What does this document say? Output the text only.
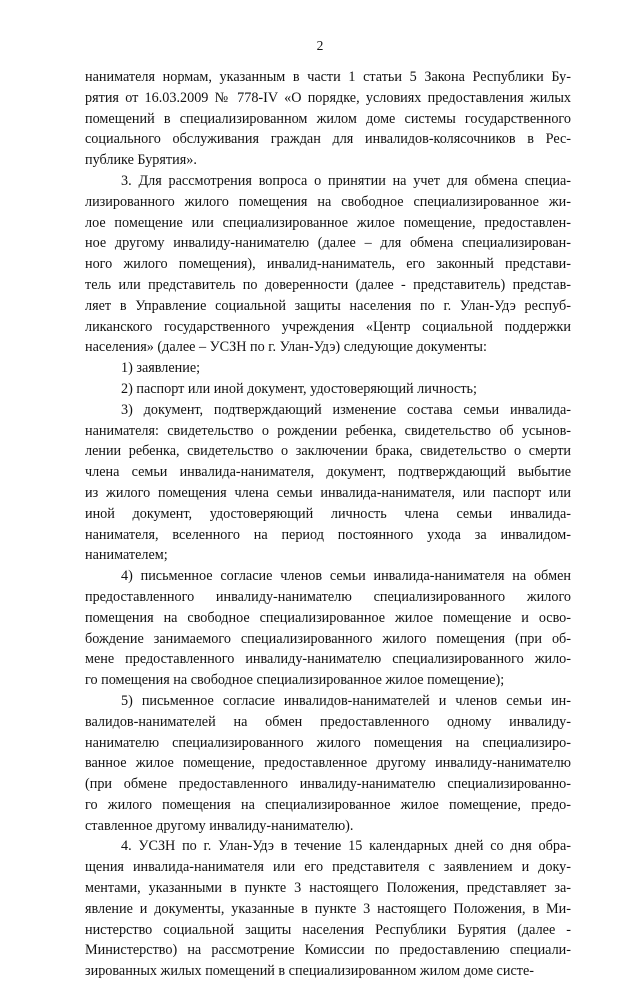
2
нанимателя нормам, указанным в части 1 статьи 5 Закона Республики Бу-
рятия от 16.03.2009 № 778-IV «О порядке, условиях предоставления жилых
помещений в специализированном жилом доме системы государственного
социального обслуживания граждан для инвалидов-колясочников в Рес-
публике Бурятия».
3. Для рассмотрения вопроса о принятии на учет для обмена специа-
лизированного жилого помещения на свободное специализированное жи-
лое помещение или специализированное жилое помещение, предоставлен-
ное другому инвалиду-нанимателю (далее – для обмена специализирован-
ного жилого помещения), инвалид-наниматель, его законный представи-
тель или представитель по доверенности (далее - представитель) представ-
ляет в Управление социальной защиты населения по г. Улан-Удэ респуб-
ликанского государственного учреждения «Центр социальной поддержки
населения» (далее – УСЗН по г. Улан-Удэ) следующие документы:
1) заявление;
2) паспорт или иной документ, удостоверяющий личность;
3) документ, подтверждающий изменение состава семьи инвалида-
нанимателя: свидетельство о рождении ребенка, свидетельство об усынов-
лении ребенка, свидетельство о заключении брака, свидетельство о смерти
члена семьи инвалида-нанимателя, документ, подтверждающий выбытие
из жилого помещения члена семьи инвалида-нанимателя, или паспорт или
иной документ, удостоверяющий личность члена семьи инвалида-
нанимателя, вселенного на период постоянного ухода за инвалидом-
нанимателем;
4) письменное согласие членов семьи инвалида-нанимателя на обмен
предоставленного инвалиду-нанимателю специализированного жилого
помещения на свободное специализированное жилое помещение и осво-
бождение занимаемого специализированного жилого помещения (при об-
мене предоставленного инвалиду-нанимателю специализированного жило-
го помещения на свободное специализированное жилое помещение);
5) письменное согласие инвалидов-нанимателей и членов семьи ин-
валидов-нанимателей на обмен предоставленного одному инвалиду-
нанимателю специализированного жилого помещения на специализиро-
ванное жилое помещение, предоставленное другому инвалиду-нанимателю
(при обмене предоставленного инвалиду-нанимателю специализированно-
го жилого помещения на специализированное жилое помещение, предо-
ставленное другому инвалиду-нанимателю).
4. УСЗН по г. Улан-Удэ в течение 15 календарных дней со дня обра-
щения инвалида-нанимателя или его представителя с заявлением и доку-
ментами, указанными в пункте 3 настоящего Положения, представляет за-
явление и документы, указанные в пункте 3 настоящего Положения, в Ми-
нистерство социальной защиты населения Республики Бурятия (далее -
Министерство) на рассмотрение Комиссии по предоставлению специали-
зированных жилых помещений в специализированном жилом доме систе-
